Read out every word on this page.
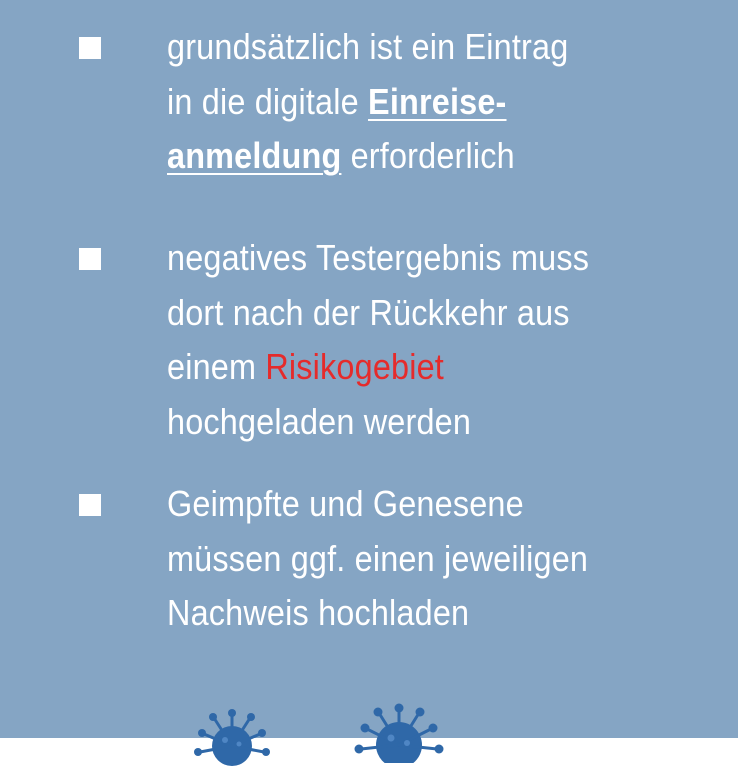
grundsätzlich ist ein Eintrag
in die digitale Einreise-
anmeldung erforderlich

negatives Testergebnis muss
dort nach der Rückkehr aus
einem Risikogebiet
hochgeladen werden

Geimpfte und Genesene
müssen ggf. einen jeweiligen
Nachweis hochladen
